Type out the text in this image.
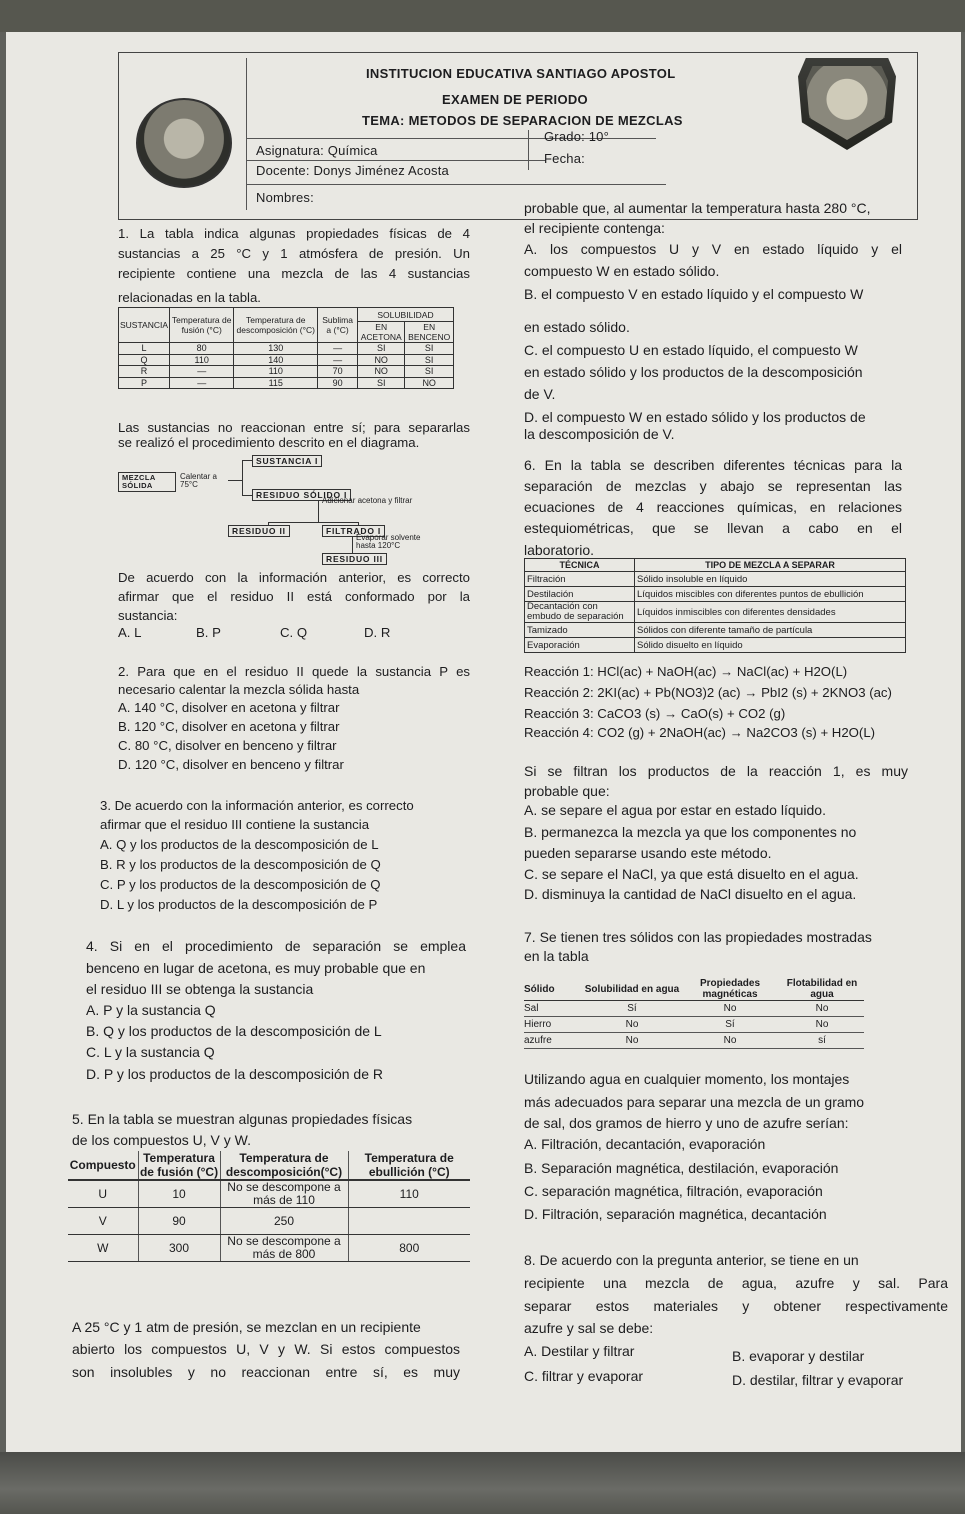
INSTITUCION EDUCATIVA SANTIAGO APOSTOL
EXAMEN DE PERIODO
TEMA: METODOS DE SEPARACION DE MEZCLAS
Asignatura: Química
Grado: 10°
Fecha:
Docente: Donys Jiménez Acosta
Nombres:
1. La tabla indica algunas propiedades físicas de 4
sustancias a 25 °C y 1 atmósfera de presión. Un
recipiente contiene una mezcla de las 4 sustancias
relacionadas en la tabla.
SUSTANCIA	Temperatura de fusión (°C)	Temperatura de descomposición (°C)	Sublima a (°C)	SOLUBILIDAD	
				EN ACETONA	EN BENCENO
L	80	130	—	SI	SI
Q	110	140	—	NO	SI
R	—	110	70	NO	SI
P	—	115	90	SI	NO
Las sustancias no reaccionan entre sí; para separarlas
se realizó el procedimiento descrito en el diagrama.
MEZCLA SÓLIDA
Calentar a 75°C
SUSTANCIA I
RESIDUO SÓLIDO I
Adicionar acetona y filtrar
RESIDUO II	FILTRADO I
Evaporar solvente hasta 120°C
RESIDUO III
De acuerdo con la información anterior, es correcto
afirmar que el residuo II está conformado por la
sustancia:
A. L	B. P	C. Q	D. R
2. Para que en el residuo II quede la sustancia P es
necesario calentar la mezcla sólida hasta
A. 140 °C, disolver en acetona y filtrar
B. 120 °C, disolver en acetona y filtrar
C. 80 °C, disolver en benceno y filtrar
D. 120 °C, disolver en benceno y filtrar
3. De acuerdo con la información anterior, es correcto
afirmar que el residuo III contiene la sustancia
A. Q y los productos de la descomposición de L
B. R y los productos de la descomposición de Q
C. P y los productos de la descomposición de Q
D. L y los productos de la descomposición de P
4. Si en el procedimiento de separación se emplea
benceno en lugar de acetona, es muy probable que en
el residuo III se obtenga la sustancia
A. P y la sustancia Q
B. Q y los productos de la descomposición de L
C. L y la sustancia Q
D. P y los productos de la descomposición de R
5. En la tabla se muestran algunas propiedades físicas
de los compuestos U, V y W.
Compuesto	Temperatura de fusión (°C)	Temperatura de descomposición(°C)	Temperatura de ebullición (°C)
U	10	No se descompone a más de 110	110
V	90	250	
W	300	No se descompone a más de 800	800
A 25 °C y 1 atm de presión, se mezclan en un recipiente
abierto los compuestos U, V y W. Si estos compuestos
son insolubles y no reaccionan entre sí, es muy
probable que, al aumentar la temperatura hasta 280 °C,
el recipiente contenga:
A. los compuestos U y V en estado líquido y el
compuesto W en estado sólido.
B. el compuesto V en estado líquido y el compuesto W
en estado sólido.
C. el compuesto U en estado líquido, el compuesto W
en estado sólido y los productos de la descomposición
de V.
D. el compuesto W en estado sólido y los productos de
la descomposición de V.
6. En la tabla se describen diferentes técnicas para la
separación de mezclas y abajo se representan las
ecuaciones de 4 reacciones químicas, en relaciones
estequiométricas, que se llevan a cabo en el
laboratorio.
TÉCNICA	TIPO DE MEZCLA A SEPARAR
Filtración	Sólido insoluble en líquido
Destilación	Líquidos miscibles con diferentes puntos de ebullición
Decantación con embudo de separación	Líquidos inmiscibles con diferentes densidades
Tamizado	Sólidos con diferente tamaño de partícula
Evaporación	Sólido disuelto en líquido
Reacción 1: HCl(ac) + NaOH(ac) → NaCl(ac) + H2O(L)
Reacción 2: 2KI(ac) + Pb(NO3)2 (ac) → PbI2 (s) + 2KNO3 (ac)
Reacción 3: CaCO3 (s) → CaO(s) + CO2 (g)
Reacción 4: CO2 (g) + 2NaOH(ac) → Na2CO3 (s) + H2O(L)
Si se filtran los productos de la reacción 1, es muy
probable que:
A. se separe el agua por estar en estado líquido.
B. permanezca la mezcla ya que los componentes no
pueden separarse usando este método.
C. se separe el NaCl, ya que está disuelto en el agua.
D. disminuya la cantidad de NaCl disuelto en el agua.
7. Se tienen tres sólidos con las propiedades mostradas
en la tabla
Sólido	Solubilidad en agua	Propiedades magnéticas	Flotabilidad en agua
Sal	Sí	No	No
Hierro	No	Sí	No
azufre	No	No	sí
Utilizando agua en cualquier momento, los montajes
más adecuados para separar una mezcla de un gramo
de sal, dos gramos de hierro y uno de azufre serían:
A. Filtración, decantación, evaporación
B. Separación magnética, destilación, evaporación
C. separación magnética, filtración, evaporación
D. Filtración, separación magnética, decantación
8. De acuerdo con la pregunta anterior, se tiene en un
recipiente una mezcla de agua, azufre y sal. Para
separar estos materiales y obtener respectivamente
azufre y sal se debe:
A. Destilar y filtrar	B. evaporar y destilar
C. filtrar y evaporar	D. destilar, filtrar y evaporar
